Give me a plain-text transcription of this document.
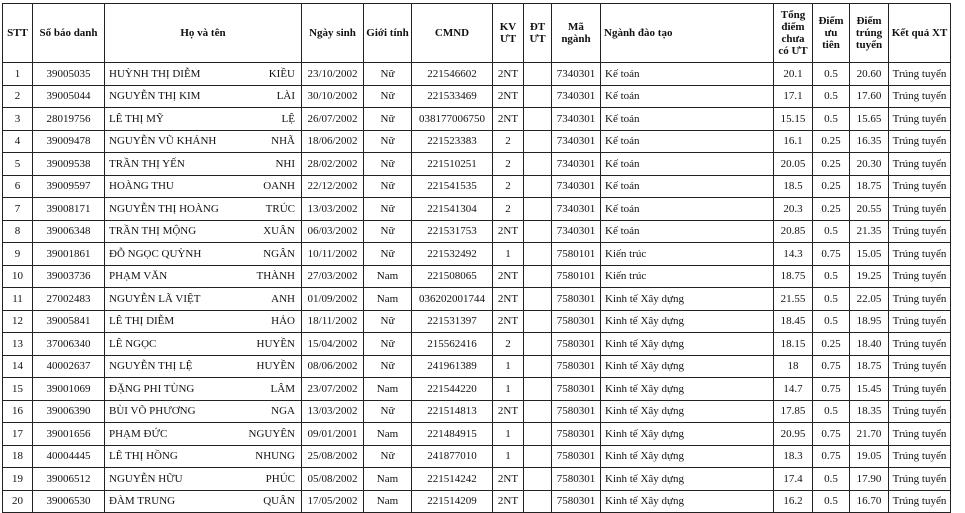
STT	Số báo danh	Họ và tên	Ngày sinh	Giới tính	CMND	KV ƯT	ĐT ƯT	Mã ngành	Ngành đào tạo	Tổng điểm chưa có ƯT	Điểm ưu tiên	Điểm trúng tuyển	Kết quả XT
1	39005035	HUỲNH THỊ DIỄM KIỀU	23/10/2002	Nữ	221546602	2NT		7340301	Kế toán	20.1	0.5	20.60	Trúng tuyển
2	39005044	NGUYỄN THỊ KIM LÀI	30/10/2002	Nữ	221533469	2NT		7340301	Kế toán	17.1	0.5	17.60	Trúng tuyển
3	28019756	LÊ THỊ MỸ LỆ	26/07/2002	Nữ	038177006750	2NT		7340301	Kế toán	15.15	0.5	15.65	Trúng tuyển
4	39009478	NGUYỄN VŨ KHÁNH NHÃ	18/06/2002	Nữ	221523383	2		7340301	Kế toán	16.1	0.25	16.35	Trúng tuyển
5	39009538	TRẦN THỊ YẾN NHI	28/02/2002	Nữ	221510251	2		7340301	Kế toán	20.05	0.25	20.30	Trúng tuyển
6	39009597	HOÀNG THU OANH	22/12/2002	Nữ	221541535	2		7340301	Kế toán	18.5	0.25	18.75	Trúng tuyển
7	39008171	NGUYỄN THỊ HOÀNG TRÚC	13/03/2002	Nữ	221541304	2		7340301	Kế toán	20.3	0.25	20.55	Trúng tuyển
8	39006348	TRẦN THỊ MỘNG XUÂN	06/03/2002	Nữ	221531753	2NT		7340301	Kế toán	20.85	0.5	21.35	Trúng tuyển
9	39001861	ĐỖ NGỌC QUỲNH NGÂN	10/11/2002	Nữ	221532492	1		7580101	Kiến trúc	14.3	0.75	15.05	Trúng tuyển
10	39003736	PHẠM VĂN THÀNH	27/03/2002	Nam	221508065	2NT		7580101	Kiến trúc	18.75	0.5	19.25	Trúng tuyển
11	27002483	NGUYỄN LÃ VIỆT ANH	01/09/2002	Nam	036202001744	2NT		7580301	Kinh tế Xây dựng	21.55	0.5	22.05	Trúng tuyển
12	39005841	LÊ THỊ DIỄM HẢO	18/11/2002	Nữ	221531397	2NT		7580301	Kinh tế Xây dựng	18.45	0.5	18.95	Trúng tuyển
13	37006340	LÊ NGỌC HUYỀN	15/04/2002	Nữ	215562416	2		7580301	Kinh tế Xây dựng	18.15	0.25	18.40	Trúng tuyển
14	40002637	NGUYỄN THỊ LỆ HUYỀN	08/06/2002	Nữ	241961389	1		7580301	Kinh tế Xây dựng	18	0.75	18.75	Trúng tuyển
15	39001069	ĐẶNG PHI TÙNG LÂM	23/07/2002	Nam	221544220	1		7580301	Kinh tế Xây dựng	14.7	0.75	15.45	Trúng tuyển
16	39006390	BÙI VÕ PHƯƠNG NGA	13/03/2002	Nữ	221514813	2NT		7580301	Kinh tế Xây dựng	17.85	0.5	18.35	Trúng tuyển
17	39001656	PHẠM ĐỨC NGUYÊN	09/01/2001	Nam	221484915	1		7580301	Kinh tế Xây dựng	20.95	0.75	21.70	Trúng tuyển
18	40004445	LÊ THỊ HỒNG NHUNG	25/08/2002	Nữ	241877010	1		7580301	Kinh tế Xây dựng	18.3	0.75	19.05	Trúng tuyển
19	39006512	NGUYỄN HỮU PHÚC	05/08/2002	Nam	221514242	2NT		7580301	Kinh tế Xây dựng	17.4	0.5	17.90	Trúng tuyển
20	39006530	ĐÀM TRUNG QUÂN	17/05/2002	Nam	221514209	2NT		7580301	Kinh tế Xây dựng	16.2	0.5	16.70	Trúng tuyển
